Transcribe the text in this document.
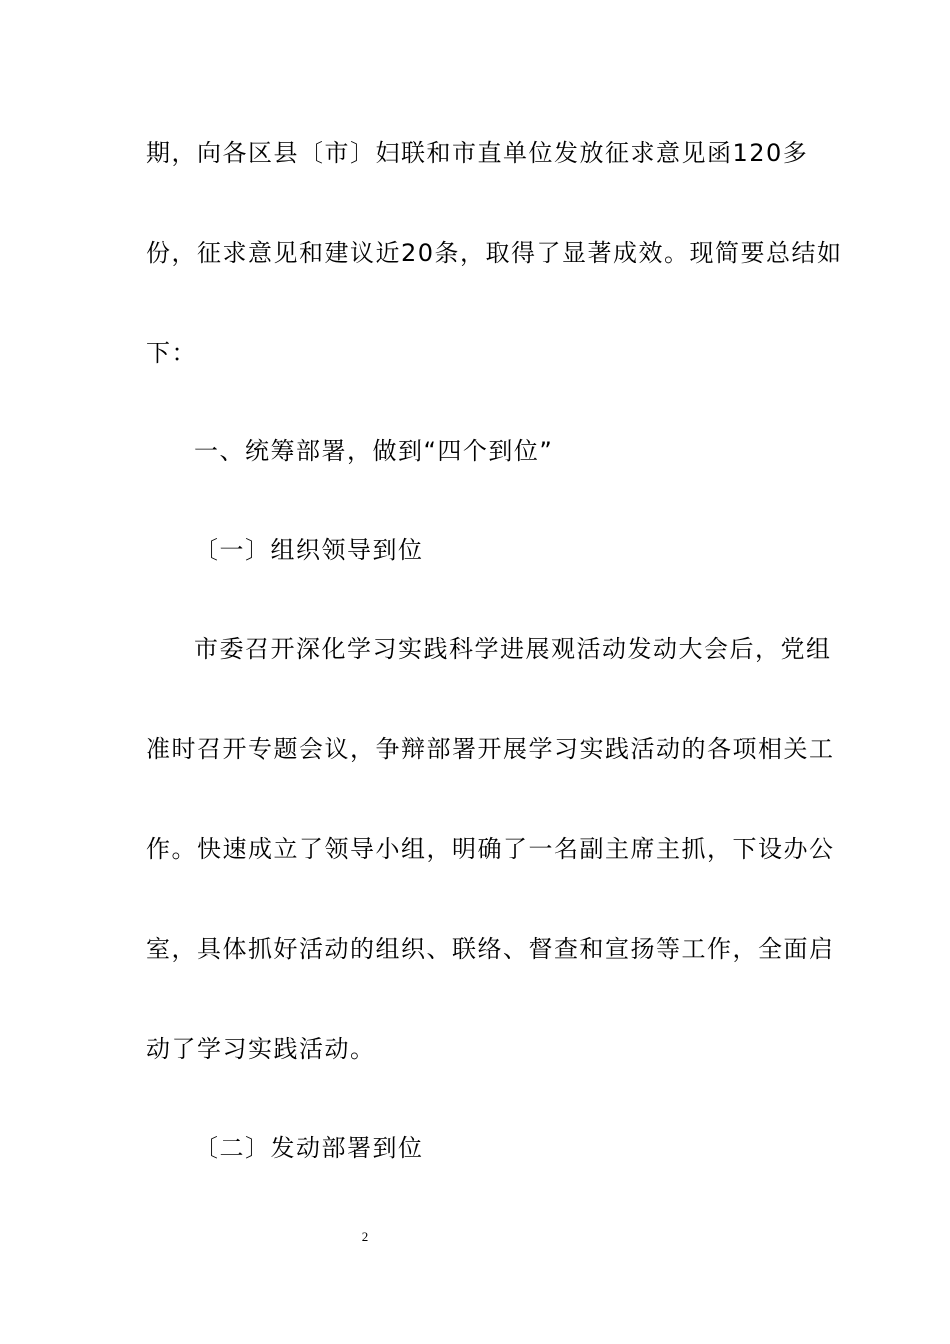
期，向各区县〔市〕妇联和市直单位发放征求意见函120多
份，征求意见和建议近20条，取得了显著成效。现简要总结如
下：
一、统筹部署，做到“四个到位”
〔一〕组织领导到位
市委召开深化学习实践科学进展观活动发动大会后，党组
准时召开专题会议，争辩部署开展学习实践活动的各项相关工
作。快速成立了领导小组，明确了一名副主席主抓，下设办公
室，具体抓好活动的组织、联络、督查和宣扬等工作，全面启
动了学习实践活动。
〔二〕发动部署到位
2
